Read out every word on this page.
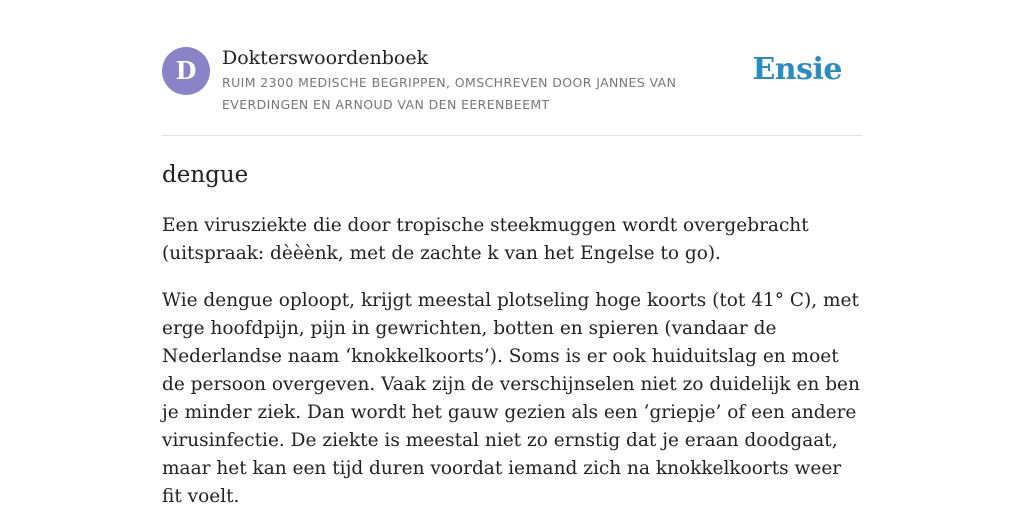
D	Dokterswoordenboek
RUIM 2300 MEDISCHE BEGRIPPEN, OMSCHREVEN DOOR JANNES VAN EVERDINGEN EN ARNOUD VAN DEN EERENBEEMT
Ensie
dengue

Een virusziekte die door tropische steekmuggen wordt overgebracht (uitspraak: dèèènk, met de zachte k van het Engelse to go).

Wie dengue oploopt, krijgt meestal plotseling hoge koorts (tot 41° C), met erge hoofdpijn, pijn in gewrichten, botten en spieren (vandaar de Nederlandse naam ‘knokkelkoorts’). Soms is er ook huiduitslag en moet de persoon overgeven. Vaak zijn de verschijnselen niet zo duidelijk en ben je minder ziek. Dan wordt het gauw gezien als een ‘griepje’ of een andere virusinfectie. De ziekte is meestal niet zo ernstig dat je eraan doodgaat, maar het kan een tijd duren voordat iemand zich na knokkelkoorts weer fit voelt.
